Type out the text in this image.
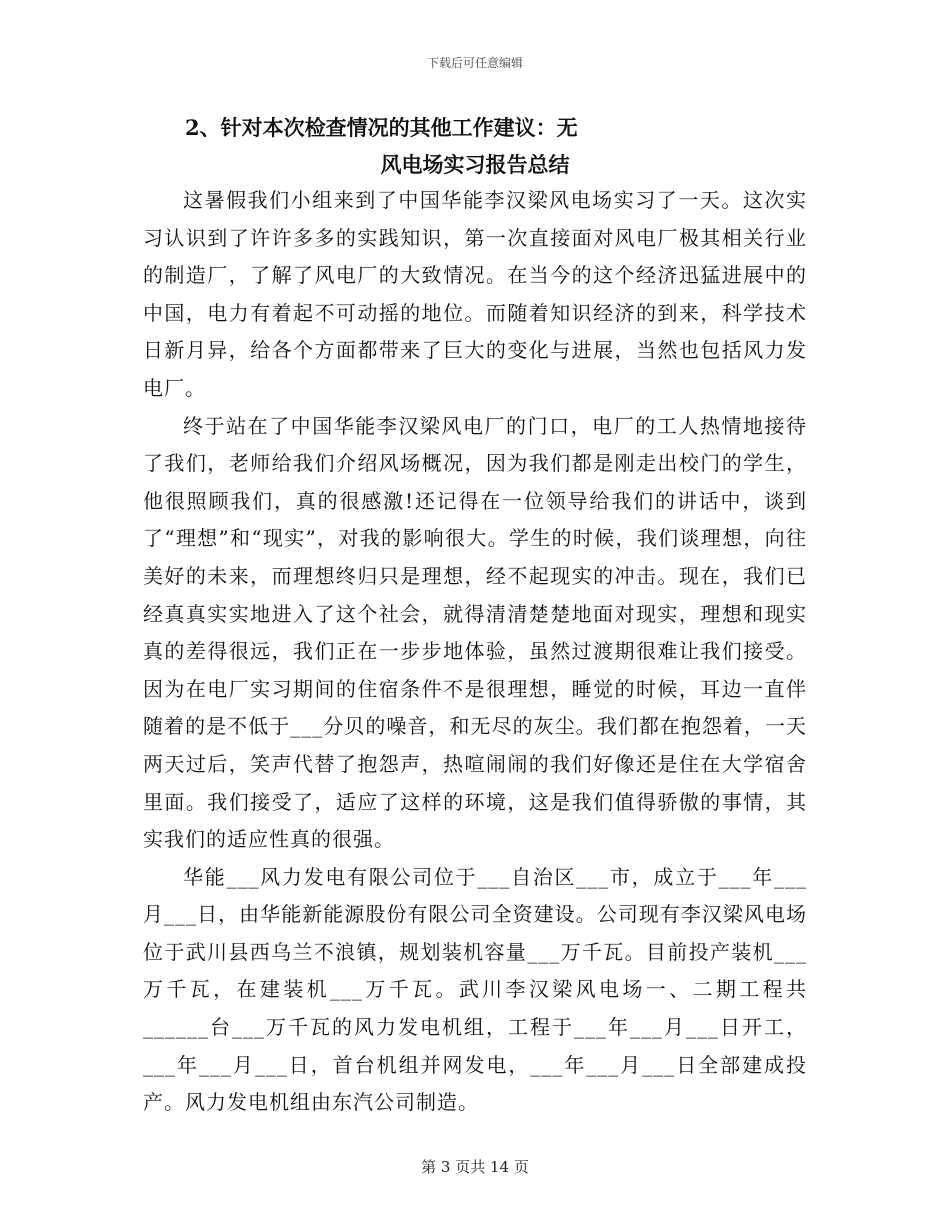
下载后可任意编辑

2、针对本次检查情况的其他工作建议：无

风电场实习报告总结

这暑假我们小组来到了中国华能李汉梁风电场实习了一天。这次实习认识到了许许多多的实践知识，第一次直接面对风电厂极其相关行业的制造厂，了解了风电厂的大致情况。在当今的这个经济迅猛进展中的中国，电力有着起不可动摇的地位。而随着知识经济的到来，科学技术日新月异，给各个方面都带来了巨大的变化与进展，当然也包括风力发电厂。

终于站在了中国华能李汉梁风电厂的门口，电厂的工人热情地接待了我们，老师给我们介绍风场概况，因为我们都是刚走出校门的学生，他很照顾我们，真的很感激!还记得在一位领导给我们的讲话中，谈到了“理想”和“现实”，对我的影响很大。学生的时候，我们谈理想，向往美好的未来，而理想终归只是理想，经不起现实的冲击。现在，我们已经真真实实地进入了这个社会，就得清清楚楚地面对现实，理想和现实真的差得很远，我们正在一步步地体验，虽然过渡期很难让我们接受。因为在电厂实习期间的住宿条件不是很理想，睡觉的时候，耳边一直伴随着的是不低于___分贝的噪音，和无尽的灰尘。我们都在抱怨着，一天两天过后，笑声代替了抱怨声，热喧闹闹的我们好像还是住在大学宿舍里面。我们接受了，适应了这样的环境，这是我们值得骄傲的事情，其实我们的适应性真的很强。

华能___风力发电有限公司位于___自治区___市，成立于___年___月___日，由华能新能源股份有限公司全资建设。公司现有李汉梁风电场位于武川县西乌兰不浪镇，规划装机容量___万千瓦。目前投产装机___万千瓦，在建装机___万千瓦。武川李汉梁风电场一、二期工程共______台___万千瓦的风力发电机组，工程于___年___月___日开工，___年___月___日，首台机组并网发电，___年___月___日全部建成投产。风力发电机组由东汽公司制造。

第 3 页共 14 页
